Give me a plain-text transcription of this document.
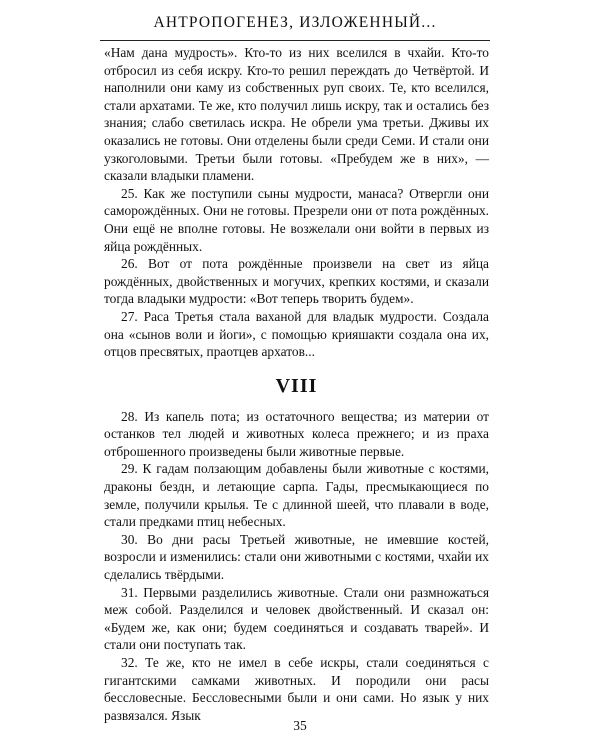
АНТРОПОГЕНЕЗ, ИЗЛОЖЕННЫЙ...

«Нам дана мудрость». Кто-то из них вселился в чхайи. Кто-то отбросил из себя искру. Кто-то решил переждать до Четвёртой. И наполнили они каму из собственных руп своих. Те, кто вселился, стали архатами. Те же, кто получил лишь искру, так и остались без знания; слабо светилась искра. Не обрели ума третьи. Дживы их оказались не готовы. Они отделены были среди Семи. И стали они узкоголовыми. Третьи были готовы. «Пребудем же в них», — сказали владыки пламени.

25. Как же поступили сыны мудрости, манаса? Отвергли они саморождённых. Они не готовы. Презрели они от пота рождённых. Они ещё не вполне готовы. Не возжелали они войти в первых из яйца рождённых.

26. Вот от пота рождённые произвели на свет из яйца рождённых, двойственных и могучих, крепких костями, и сказали тогда владыки мудрости: «Вот теперь творить будем».

27. Раса Третья стала ваханой для владык мудрости. Создала она «сынов воли и йоги», с помощью крияшакти создала она их, отцов пресвятых, праотцев архатов...

VIII

28. Из капель пота; из остаточного вещества; из материи от останков тел людей и животных колеса прежнего; и из праха отброшенного произведены были животные первые.

29. К гадам ползающим добавлены были животные с костями, драконы бездн, и летающие сарпа. Гады, пресмыкающиеся по земле, получили крылья. Те с длинной шеей, что плавали в воде, стали предками птиц небесных.

30. Во дни расы Третьей животные, не имевшие костей, возросли и изменились: стали они животными с костями, чхайи их сделались твёрдыми.

31. Первыми разделились животные. Стали они размножаться меж собой. Разделился и человек двойственный. И сказал он: «Будем же, как они; будем соединяться и создавать тварей». И стали они поступать так.

32. Те же, кто не имел в себе искры, стали соединяться с гигантскими самками животных. И породили они расы бессловесные. Бессловесными были и они сами. Но язык у них развязался. Язык

35
